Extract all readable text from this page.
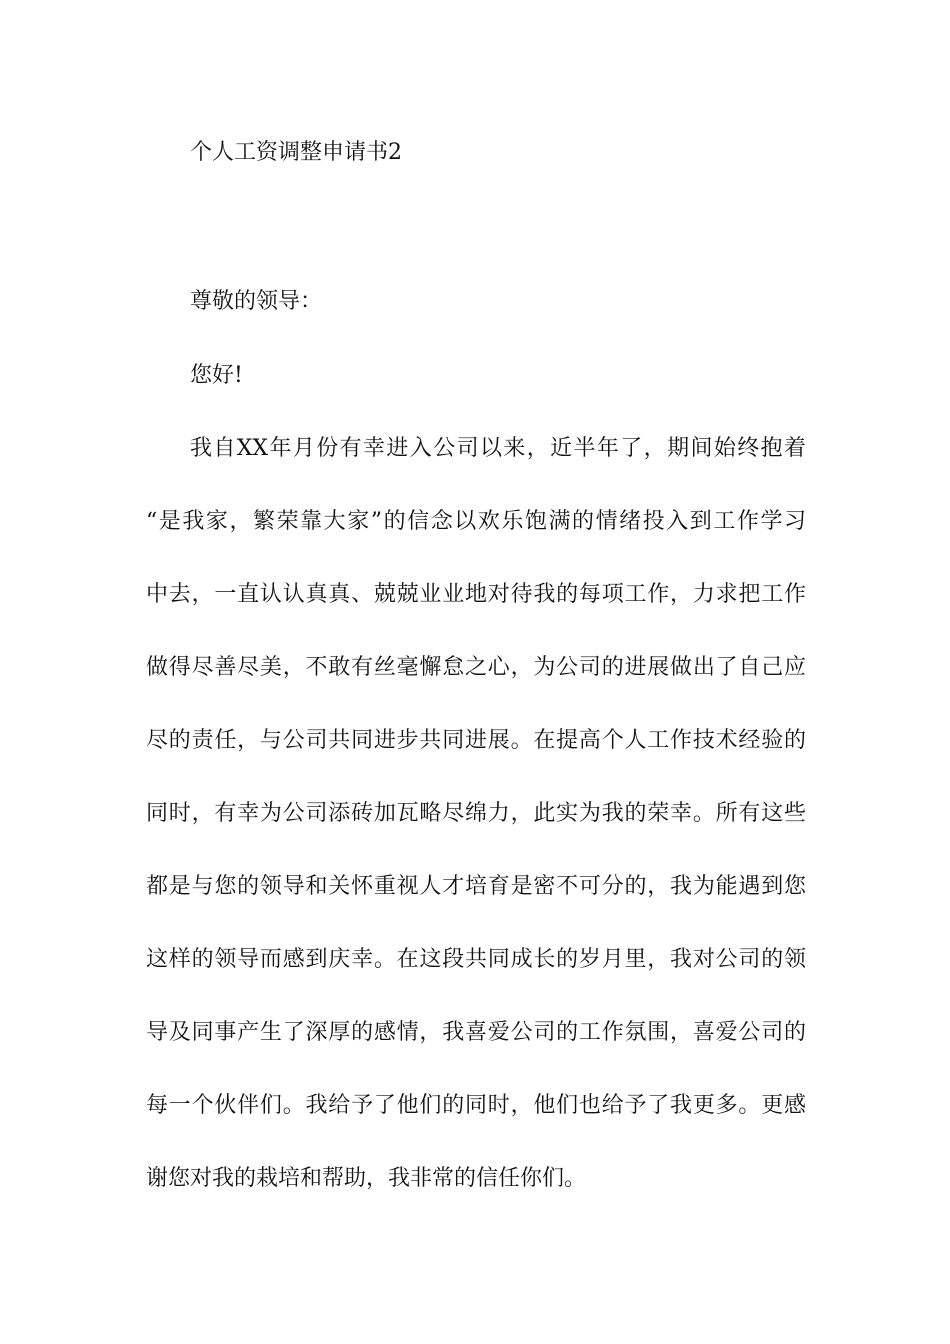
个人工资调整申请书2
尊敬的领导：
您好!
我自XX年月份有幸进入公司以来，近半年了，期间始终抱着
“是我家，繁荣靠大家”的信念以欢乐饱满的情绪投入到工作学习
中去，一直认认真真、兢兢业业地对待我的每项工作，力求把工作
做得尽善尽美，不敢有丝毫懈怠之心，为公司的进展做出了自己应
尽的责任，与公司共同进步共同进展。在提高个人工作技术经验的
同时，有幸为公司添砖加瓦略尽绵力，此实为我的荣幸。所有这些
都是与您的领导和关怀重视人才培育是密不可分的，我为能遇到您
这样的领导而感到庆幸。在这段共同成长的岁月里，我对公司的领
导及同事产生了深厚的感情，我喜爱公司的工作氛围，喜爱公司的
每一个伙伴们。我给予了他们的同时，他们也给予了我更多。更感
谢您对我的栽培和帮助，我非常的信任你们。
